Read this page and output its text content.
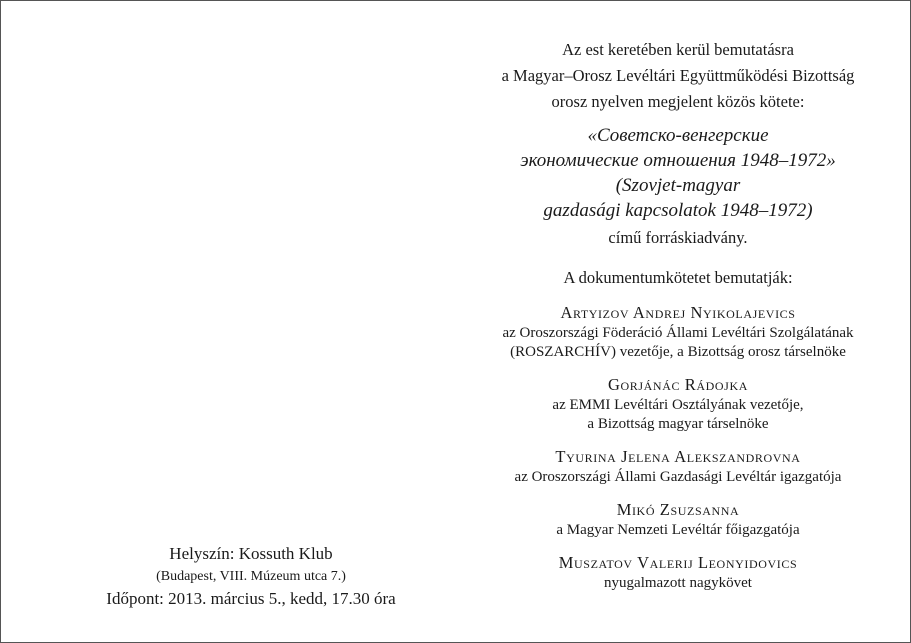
Az est keretében kerül bemutatásra
a Magyar–Orosz Levéltári Együttműködési Bizottság
orosz nyelven megjelent közös kötete:
«Советско-венгерские
экономические отношения 1948–1972»
(Szovjet-magyar
gazdasági kapcsolatok 1948–1972)
című forráskiadvány.
A dokumentumkötetet bemutatják:
Artyizov Andrej Nyikolajevics
az Oroszországi Föderáció Állami Levéltári Szolgálatának
(ROSZARCHÍV) vezetője, a Bizottság orosz társelnöke
Gorjánác Rádojka
az EMMI Levéltári Osztályának vezetője,
a Bizottság magyar társelnöke
Tyurina Jelena Alekszandrovna
az Oroszországi Állami Gazdasági Levéltár igazgatója
Mikó Zsuzsanna
a Magyar Nemzeti Levéltár főigazgatója
Muszatov Valerij Leonyidovics
nyugalmazott nagykövet
Helyszín: Kossuth Klub
(Budapest, VIII. Múzeum utca 7.)
Időpont: 2013. március 5., kedd, 17.30 óra
